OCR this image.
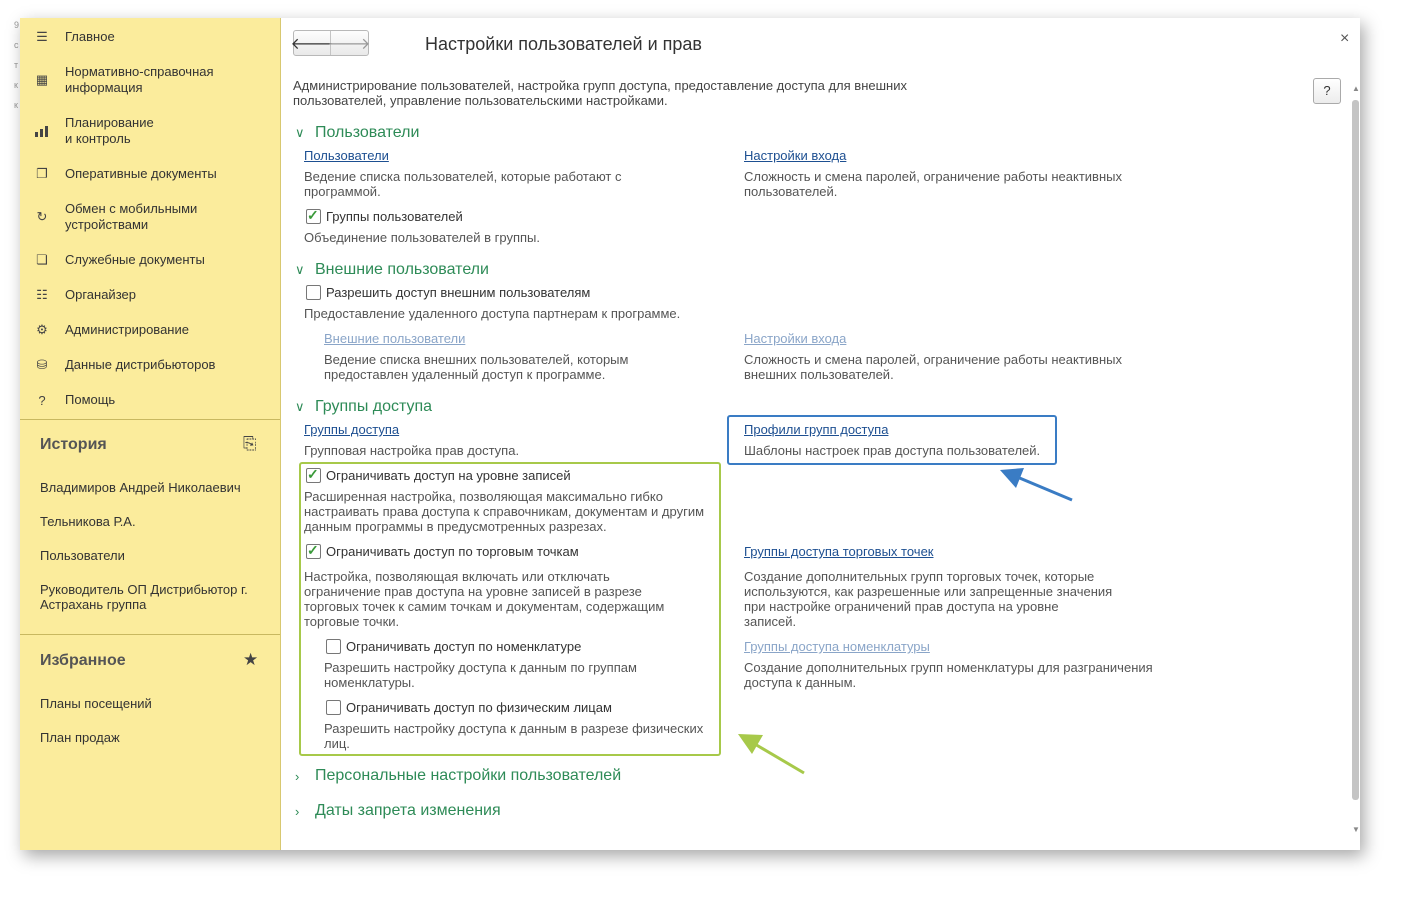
9

с

т

к

к
☰ Главное
▦
Нормативно-справочная
информация
Планирование
и контроль
❐ Оперативные документы
↻
Обмен с мобильными
устройствами
❏ Служебные документы
☷ Органайзер
⚙ Администрирование
⛁ Данные дистрибьюторов
?	Помощь
История	⎘
Владимиров Андрей Николаевич
Тельникова Р.А.
Пользователи
Руководитель ОП Дистрибьютор г. Астрахань группа
Избранное	★
Планы посещений
План продаж
🡐
🡒	Настройки пользователей и прав	×
?
Администрирование пользователей, настройка групп доступа, предоставление доступа для внешних пользователей, управление пользовательскими настройками.
∨ Пользователи
Пользователи
Ведение списка пользователей, которые работают с программой.
Настройки входа
Сложность и смена паролей, ограничение работы неактивных пользователей.
✓
Группы пользователей
Объединение пользователей в группы.
∨ Внешние пользователи
Разрешить доступ внешним пользователям
Предоставление удаленного доступа партнерам к программе.
Внешние пользователи
Ведение списка внешних пользователей, которым предоставлен удаленный доступ к программе.
Настройки входа
Сложность и смена паролей, ограничение работы неактивных внешних пользователей.
∨ Группы доступа
Группы доступа
Групповая настройка прав доступа.
Профили групп доступа
Шаблоны настроек прав доступа пользователей.
✓
Ограничивать доступ на уровне записей
Расширенная настройка, позволяющая максимально гибко настраивать права доступа к справочникам, документам и другим данным программы в предусмотренных разрезах.
✓
Ограничивать доступ по торговым точкам
Настройка, позволяющая включать или отключать ограничение прав доступа на уровне записей в разрезе торговых точек к самим точкам и документам, содержащим торговые точки.
Группы доступа торговых точек
Создание дополнительных групп торговых точек, которые используются, как разрешенные или запрещенные значения при настройке ограничений прав доступа на уровне записей.
Ограничивать доступ по номенклатуре
Разрешить настройку доступа к данным по группам номенклатуры.
Группы доступа номенклатуры
Создание дополнительных групп номенклатуры для разграничения доступа к данным.
Ограничивать доступ по физическим лицам
Разрешить настройку доступа к данным в разрезе физических лиц.
› Персональные настройки пользователей
› Даты запрета изменения
▲
▼
